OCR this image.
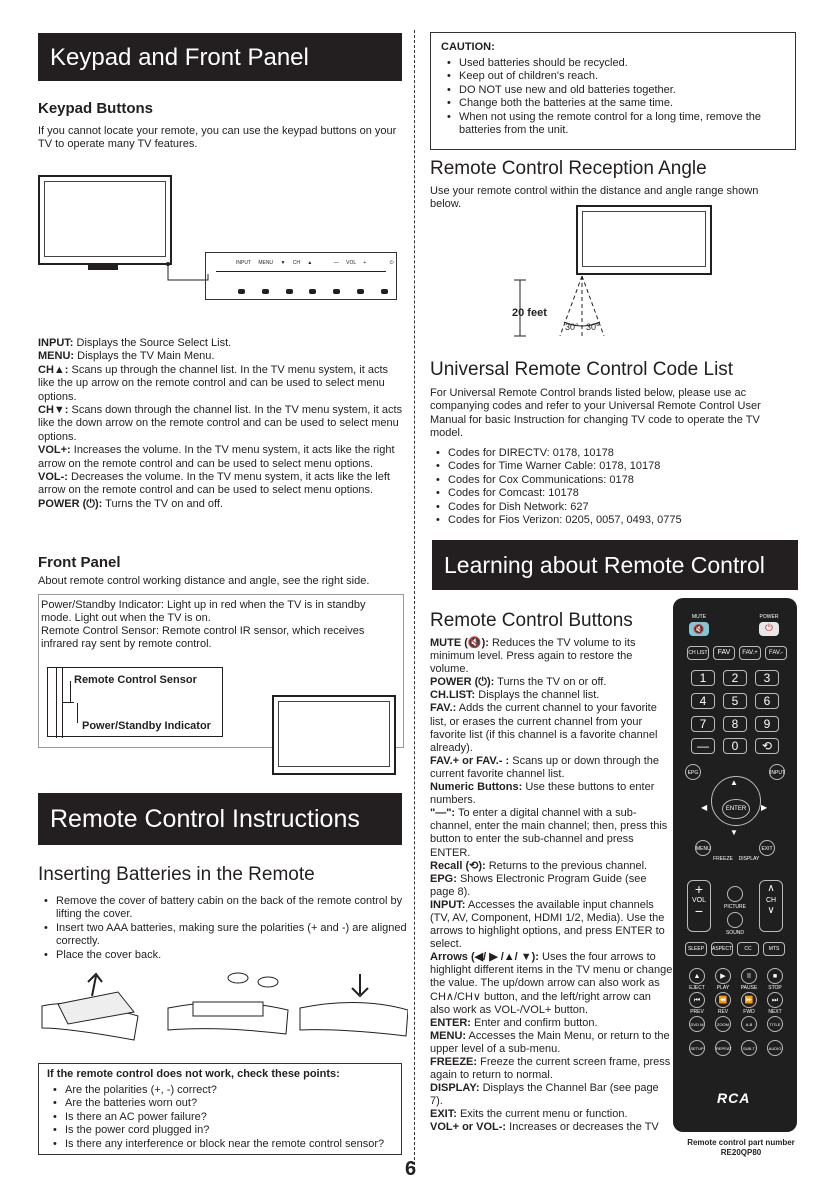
Keypad and Front Panel
Keypad Buttons
If you cannot locate your remote, you can use the keypad buttons on your TV to operate many TV features.
INPUT MENU ▼ CH ▲	— VOL +	⏻
INPUT: Displays the Source Select List.
MENU: Displays the TV Main Menu.
CH▲: Scans up through the channel list. In the TV menu system, it acts like the up arrow on the remote control and can be used to select menu options.
CH▼: Scans down through the channel list. In the TV menu system, it acts like the down arrow on the remote control and can be used to select menu options.
VOL+: Increases the volume. In the TV menu system, it acts like the right arrow on the remote control and can be used to select menu options.
VOL-: Decreases the volume. In the TV menu system, it acts like the left arrow on the remote control and can be used to select menu options.
POWER (⏻): Turns the TV on and off.
Front Panel
About remote control working distance and angle, see the right side.
Power/Standby Indicator: Light up in red when the TV is in standby mode. Light out when the TV is on.
Remote Control Sensor: Remote control IR sensor, which receives infrared ray sent by remote control.
Remote Control Sensor
Power/Standby Indicator
Remote Control Instructions
Inserting Batteries in the Remote
• Remove the cover of battery cabin on the back of the remote control by lifting the cover.
• Insert two AAA batteries, making sure the polarities (+ and -) are aligned correctly.
• Place the cover back.
If the remote control does not work, check these points:
• Are the polarities (+, -) correct?
• Are the batteries worn out?
• Is there an AC power failure?
• Is the power cord plugged in?
• Is there any interference or block near the remote control sensor?
CAUTION:
• Used batteries should be recycled.
• Keep out of children's reach.
• DO NOT use new and old batteries together.
• Change both the batteries at the same time.
• When not using the remote control for a long time, remove the batteries from the unit.
Remote Control Reception Angle
Use your remote control within the distance and angle range shown below.
20 feet
30° 30°
Universal Remote Control Code List
For Universal Remote Control brands listed below, please use ac companying codes and refer to your Universal Remote Control User Manual for basic Instruction for changing TV code to operate the TV model.
• Codes for DIRECTV: 0178, 10178
• Codes for Time Warner Cable: 0178, 10178
• Codes for Cox Communications: 0178
• Codes for Comcast: 10178
• Codes for Dish Network: 627
• Codes for Fios Verizon: 0205, 0057, 0493, 0775
Learning about Remote Control
Remote Control Buttons
MUTE (🔇): Reduces the TV volume to its minimum level. Press again to restore the volume.
POWER (⏻): Turns the TV on or off.
CH.LIST: Displays the channel list.
FAV.: Adds the current channel to your favorite list, or erases the current channel from your favorite list (if this channel is a favorite channel already).
FAV.+ or FAV.- : Scans up or down through the current favorite channel list.
Numeric Buttons: Use these buttons to enter numbers.
"—": To enter a digital channel with a sub-channel, enter the main channel; then, press this button to enter the sub-channel and press ENTER.
Recall (⟲): Returns to the previous channel.
EPG: Shows Electronic Program Guide (see page 8).
INPUT: Accesses the available input channels (TV, AV, Component, HDMI 1/2, Media). Use the arrows to highlight options, and press ENTER to select.
Arrows (◀/ ▶ /▲/ ▼): Uses the four arrows to highlight different items in the TV menu or change the value. The up/down arrow can also work as CH∧/CH∨ button, and the left/right arrow can also work as VOL-/VOL+ button.
ENTER: Enter and confirm button.
MENU: Accesses the Main Menu, or return to the upper level of a sub-menu.
FREEZE: Freeze the current screen frame, press again to return to normal.
DISPLAY: Displays the Channel Bar (see page 7).
EXIT: Exits the current menu or function.
VOL+ or VOL-: Increases or decreases the TV
MUTE	POWER
🔇	⏻
CH LIST	FAV	FAV.+	FAV.-
1	2	3
4	5	6
7	8	9
—	0	⟲
EPG	INPUT
▲
▼
◀	▶
ENTER
MENU	EXIT
FREEZE	DISPLAY
+
VOL
−
∧
CH
∨
PICTURE
SOUND
SLEEP	ASPECT	CC	MTS
▲	▶	II	■
EJECT	PLAY	PAUSE	STOP
⏮	⏪	⏩	⏭
PREV	REV	FWD	NEXT
DVD M	ZOOM	A-B	TITLE
SETUP	REPEAT	SUB-T	AUDIO
RCA
Remote control part number
RE20QP80
6
